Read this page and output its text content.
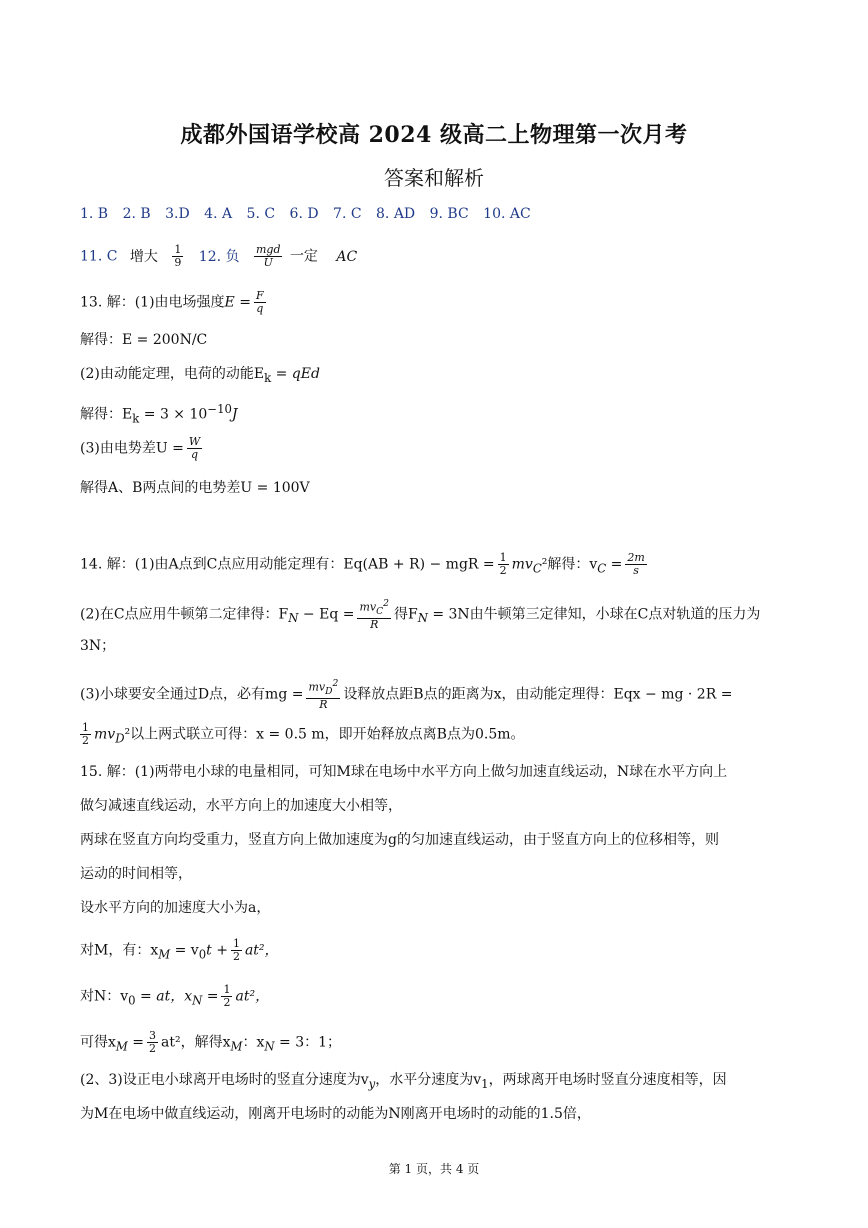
成都外国语学校高 2024 级高二上物理第一次月考
答案和解析
1. B 2. B 3.D 4. A 5. C 6. D 7. C 8. AD 9. BC 10. AC
11. C 增大 $\frac{1}{9} 12$. 负 $\frac{\text{mgd}}{U}$ 一定 AC
13. 解：(1)由电场强度$E = \frac{F}{q}$
解得：E = 200N/C
(2)由动能定理，电荷的动能$E_k$ = qEd
解得：$E_k = 3 \times 10^{-10}J$
(3)由电势差$U = \frac{W}{q}$
解得A、B两点间的电势差U = 100V
14. 解：(1)由A点到C点应用动能定理有：Eq(AB + R) − mgR = $\frac{1}{2} mv_C^2$解得：$v_C = \frac{2m}{s}$
(2)在C点应用牛顿第二定律得：$F_N - Eq = \frac{mv_C^2}{R}$ 得$F_N = 3N$由牛顿第三定律知，小球在C点对轨道的压力为
3N；
(3)小球要安全通过D点，必有mg = $\frac{mv_D^2}{R}$ 设释放点距B点的距离为x，由动能定理得：Eqx − mg · 2R =
$\frac{1}{2} mv_D^2$以上两式联立可得：x = 0.5 m，即开始释放点离B点为0.5m。
15. 解：(1)两带电小球的电量相同，可知M球在电场中水平方向上做匀加速直线运动，N球在水平方向上
做匀减速直线运动，水平方向上的加速度大小相等，
两球在竖直方向均受重力，竖直方向上做加速度为g的匀加速直线运动，由于竖直方向上的位移相等，则
运动的时间相等，
设水平方向的加速度大小为a，
对M，有：$x_M = v_0t + \frac{1}{2} at^2$，
对N：$v_0$ = at，$x_N = \frac{1}{2} at^2$，
可得$x_M = \frac{3}{2} at^2$，解得$x_M$：$x_N = 3$：1；
(2、3)设正电小球离开电场时的竖直分速度为$v_y$，水平分速度为$v_1$，两球离开电场时竖直分速度相等，因
为M在电场中做直线运动，刚离开电场时的动能为N刚离开电场时的动能的1.5倍，
第 1 页，共 4 页
